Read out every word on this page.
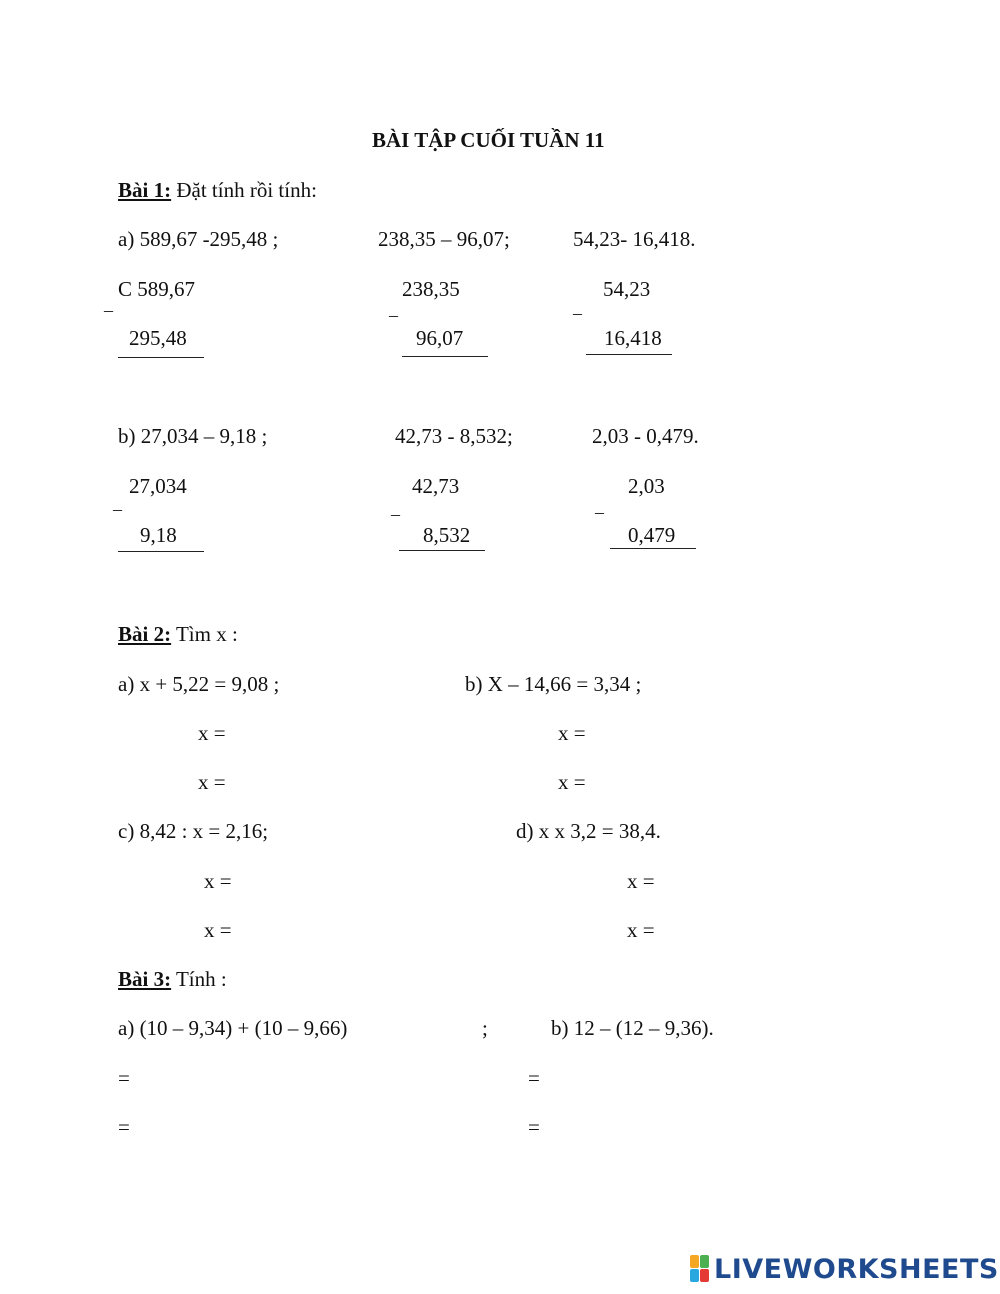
BÀI TẬP CUỐI TUẦN 11
Bài 1: Đặt tính rồi tính:
a) 589,67 -295,48 ;	238,35 – 96,07;	54,23- 16,418.
C 589,67
–
295,48
238,35
–
96,07
54,23
–
16,418
b) 27,034 – 9,18 ;	42,73 - 8,532;	2,03 - 0,479.
27,034
–
9,18
42,73
–
8,532
2,03
–
0,479
Bài 2: Tìm x :
a) x + 5,22 = 9,08 ;	b) X – 14,66 = 3,34 ;
x =	x =
x =	x =
c) 8,42 : x = 2,16;	d) x x 3,2 = 38,4.
x =	x =
x =	x =
Bài 3: Tính :
a) (10 – 9,34) + (10 – 9,66)	;	b) 12 – (12 – 9,36).
=	=
=	=
LIVEWORKSHEETS
